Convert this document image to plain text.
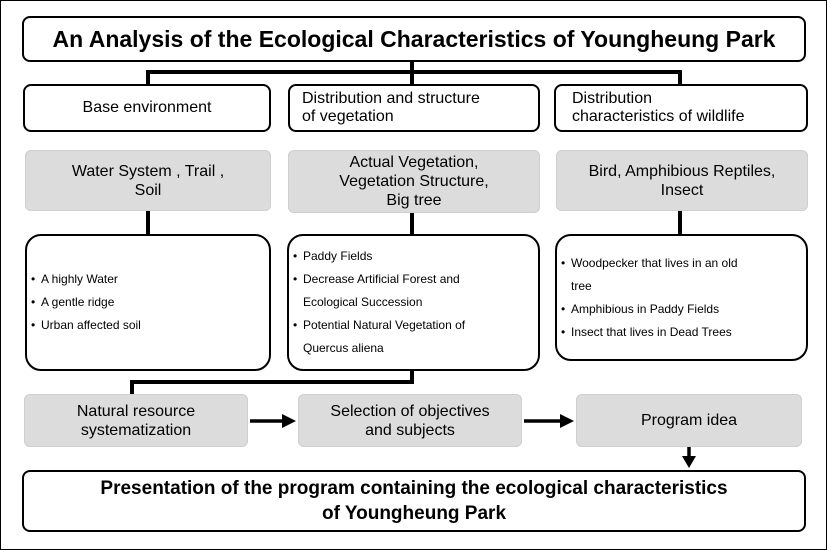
An Analysis of the Ecological Characteristics of Youngheung Park
Base environment
Distribution and structure
of vegetation
Distribution
characteristics of wildlife
Water System , Trail ,
Soil
Actual Vegetation,
Vegetation Structure,
Big tree
Bird, Amphibious Reptiles,
Insect
• A highly Water
• A gentle ridge
• Urban affected soil
• Paddy Fields
• Decrease Artificial Forest and
Ecological Succession
• Potential Natural Vegetation of
Quercus aliena
• Woodpecker that lives in an old
tree
• Amphibious in Paddy Fields
• Insect that lives in Dead Trees
Natural resource
systematization
Selection of objectives
and subjects
Program idea
Presentation of the program containing the ecological characteristics
of Youngheung Park
